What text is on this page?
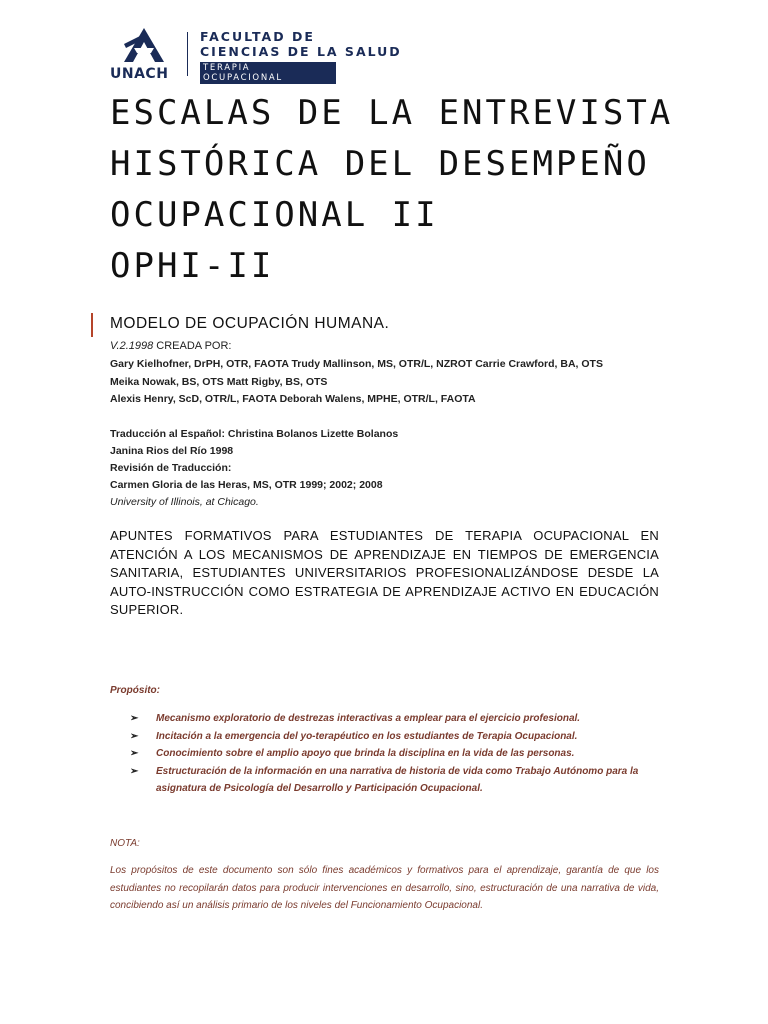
UNACH
FACULTAD DE
CIENCIAS DE LA SALUD
TERAPIA OCUPACIONAL
ESCALAS DE LA ENTREVISTA
HISTÓRICA DEL DESEMPEÑO
OCUPACIONAL II
OPHI-II
MODELO DE OCUPACIÓN HUMANA.
V.2.1998 CREADA POR:
Gary Kielhofner, DrPH, OTR, FAOTA Trudy Mallinson, MS, OTR/L, NZROT Carrie Crawford, BA, OTS
Meika Nowak, BS, OTS Matt Rigby, BS, OTS
Alexis Henry, ScD, OTR/L, FAOTA Deborah Walens, MPHE, OTR/L, FAOTA
Traducción al Español: Christina Bolanos Lizette Bolanos
Janina Rios del Río 1998
Revisión de Traducción:
Carmen Gloria de las Heras, MS, OTR 1999; 2002; 2008
University of Illinois, at Chicago.
APUNTES FORMATIVOS PARA ESTUDIANTES DE TERAPIA OCUPACIONAL EN ATENCIÓN A LOS MECANISMOS DE APRENDIZAJE EN TIEMPOS DE EMERGENCIA SANITARIA, ESTUDIANTES UNIVERSITARIOS PROFESIONALIZÁNDOSE DESDE LA AUTO-INSTRUCCIÓN COMO ESTRATEGIA DE APRENDIZAJE ACTIVO EN EDUCACIÓN SUPERIOR.
Propósito:
➢ Mecanismo exploratorio de destrezas interactivas a emplear para el ejercicio profesional.
➢ Incitación a la emergencia del yo-terapéutico en los estudiantes de Terapia Ocupacional.
➢ Conocimiento sobre el amplio apoyo que brinda la disciplina en la vida de las personas.
➢ Estructuración de la información en una narrativa de historia de vida como Trabajo Autónomo para la asignatura de Psicología del Desarrollo y Participación Ocupacional.
NOTA:
Los propósitos de este documento son sólo fines académicos y formativos para el aprendizaje, garantía de que los estudiantes no recopilarán datos para producir intervenciones en desarrollo, sino, estructuración de una narrativa de vida, concibiendo así un análisis primario de los niveles del Funcionamiento Ocupacional.
